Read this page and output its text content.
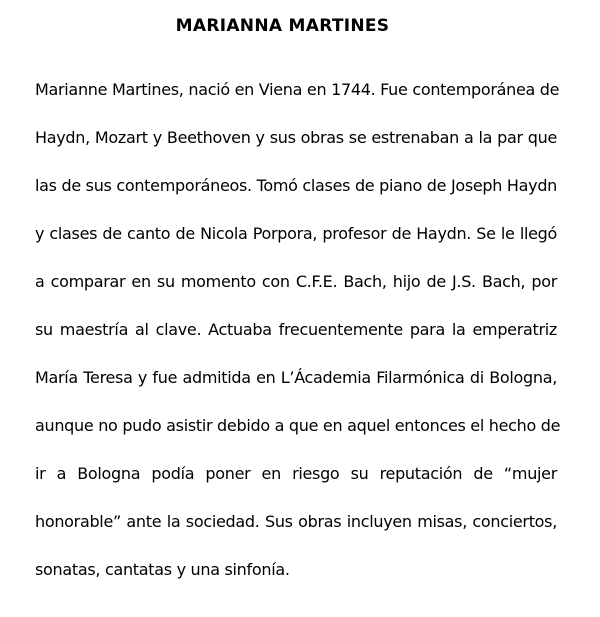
MARIANNA MARTINES
Marianne Martines, nació en Viena en 1744. Fue contemporánea de
Haydn, Mozart y Beethoven y sus obras se estrenaban a la par que
las de sus contemporáneos. Tomó clases de piano de Joseph Haydn
y clases de canto de Nicola Porpora, profesor de Haydn. Se le llegó
a comparar en su momento con C.F.E. Bach, hijo de J.S. Bach, por
su maestría al clave. Actuaba frecuentemente para la emperatriz
María Teresa y fue admitida en L’Ácademia Filarmónica di Bologna,
aunque no pudo asistir debido a que en aquel entonces el hecho de
ir a Bologna podía poner en riesgo su reputación de “mujer
honorable” ante la sociedad. Sus obras incluyen misas, conciertos,
sonatas, cantatas y una sinfonía.
